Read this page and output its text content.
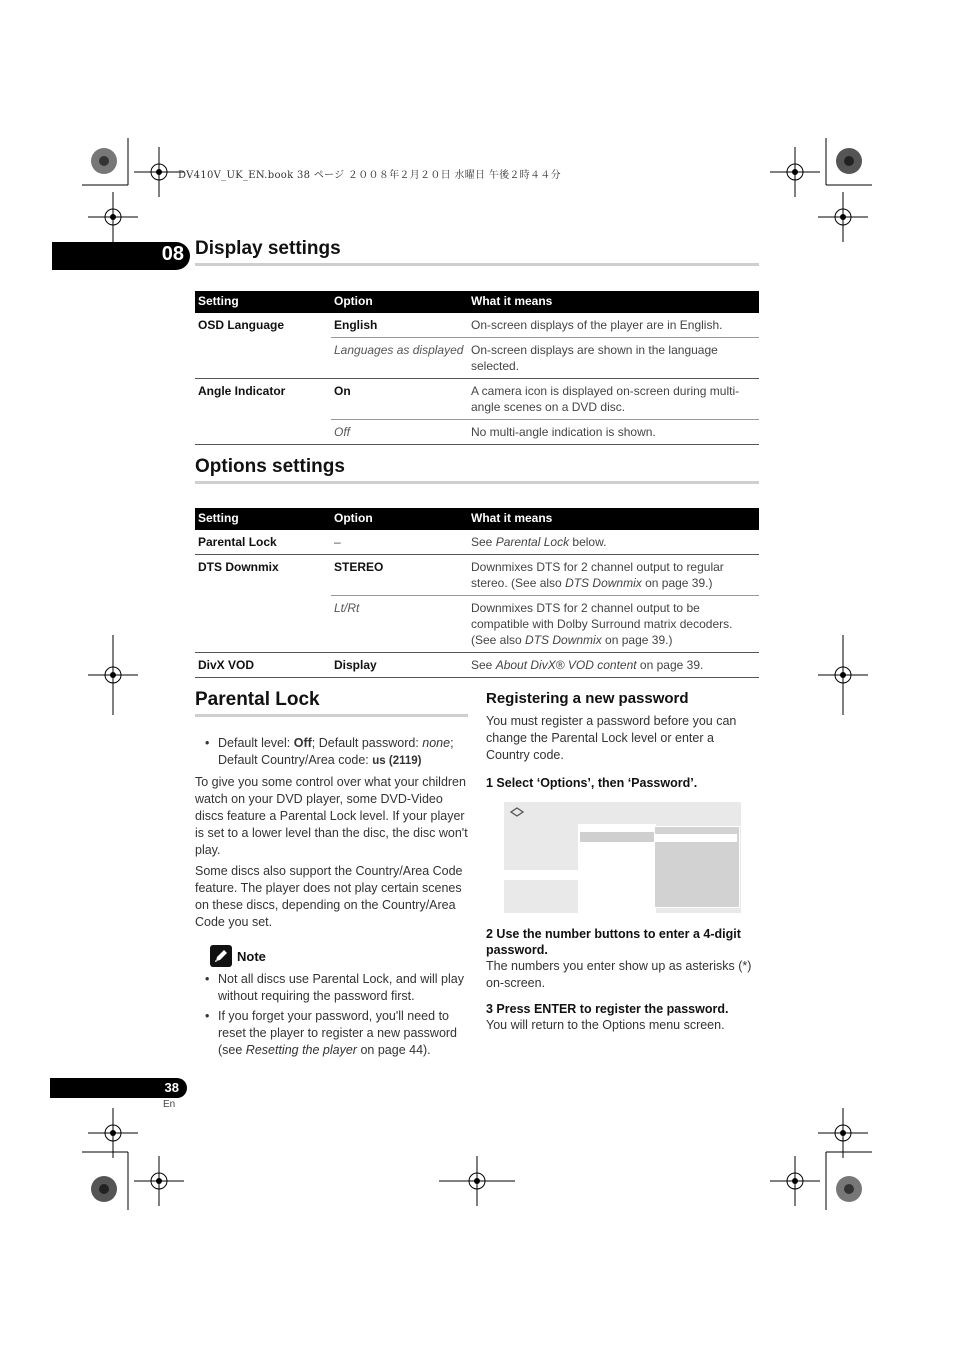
DV410V_UK_EN.book 38 ページ ２００８年２月２０日 水曜日 午後２時４４分
08 Display settings
Setting	Option	What it means
OSD Language	English	On-screen displays of the player are in English.
	Languages as displayed	On-screen displays are shown in the language selected.
Angle Indicator	On	A camera icon is displayed on-screen during multi-angle scenes on a DVD disc.
	Off	No multi-angle indication is shown.
Options settings
Setting	Option	What it means
Parental Lock	–	See Parental Lock below.
DTS Downmix	STEREO	Downmixes DTS for 2 channel output to regular stereo. (See also DTS Downmix on page 39.)
	Lt/Rt	Downmixes DTS for 2 channel output to be compatible with Dolby Surround matrix decoders. (See also DTS Downmix on page 39.)
DivX VOD	Display	See About DivX® VOD content on page 39.
Parental Lock
• Default level: Off; Default password: none; Default Country/Area code: us (2119)

To give you some control over what your children watch on your DVD player, some DVD-Video discs feature a Parental Lock level. If your player is set to a lower level than the disc, the disc won't play.

Some discs also support the Country/Area Code feature. The player does not play certain scenes on these discs, depending on the Country/Area Code you set.

Note
• Not all discs use Parental Lock, and will play without requiring the password first.
• If you forget your password, you'll need to reset the player to register a new password (see Resetting the player on page 44).
Registering a new password
You must register a password before you can change the Parental Lock level or enter a Country code.
1 Select ‘Options’, then ‘Password’.
2 Use the number buttons to enter a 4-digit password.
The numbers you enter show up as asterisks (*) on-screen.
3 Press ENTER to register the password.
You will return to the Options menu screen.
38
En
